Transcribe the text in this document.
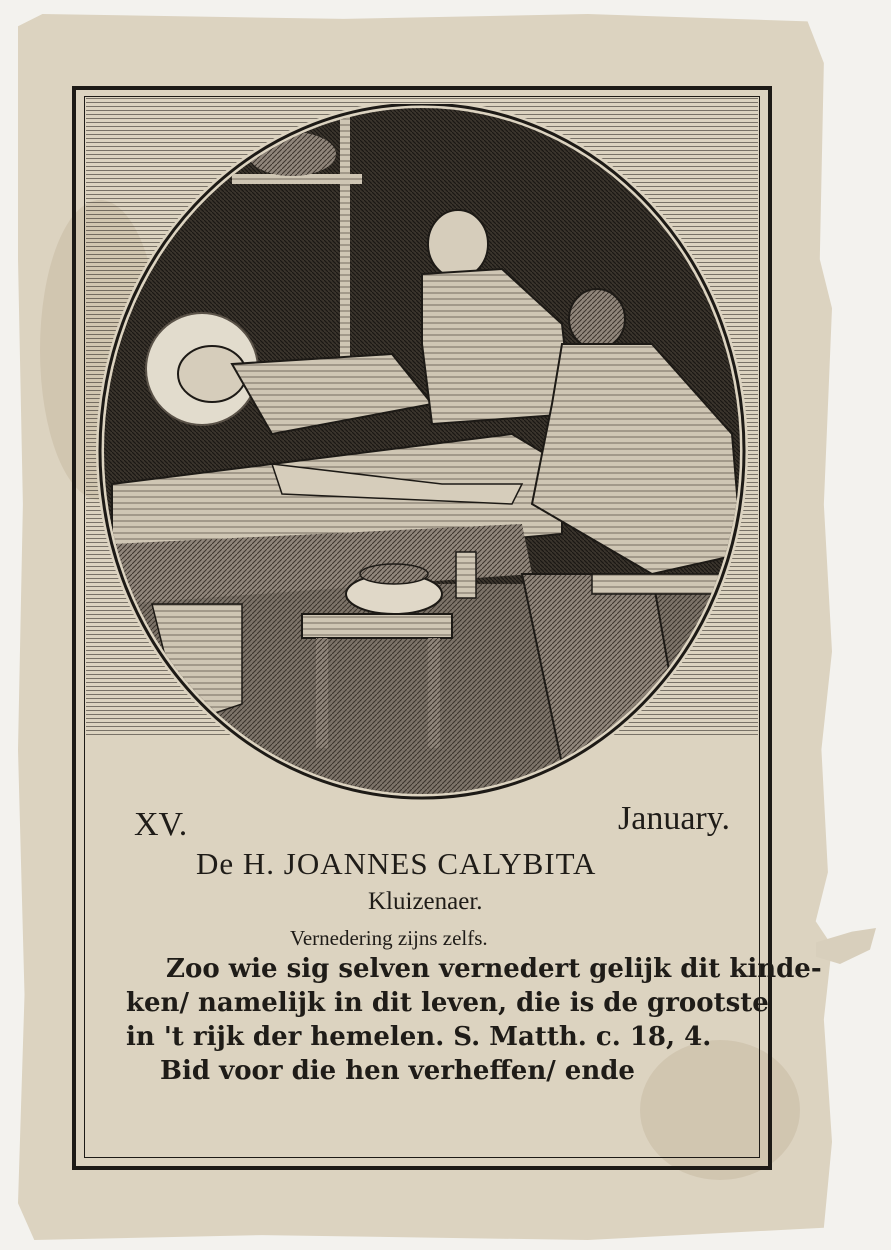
XV.	January.
De H. JOANNES CALYBITA
Kluizenaer.
Vernedering zijns zelfs.
Zoo wie sig selven vernedert gelijk dit kinde-
ken/ namelijk in dit leven, die is de grootste
in 't rijk der hemelen. S. Matth. c. 18, 4.
Bid voor die hen verheffen/ ende
